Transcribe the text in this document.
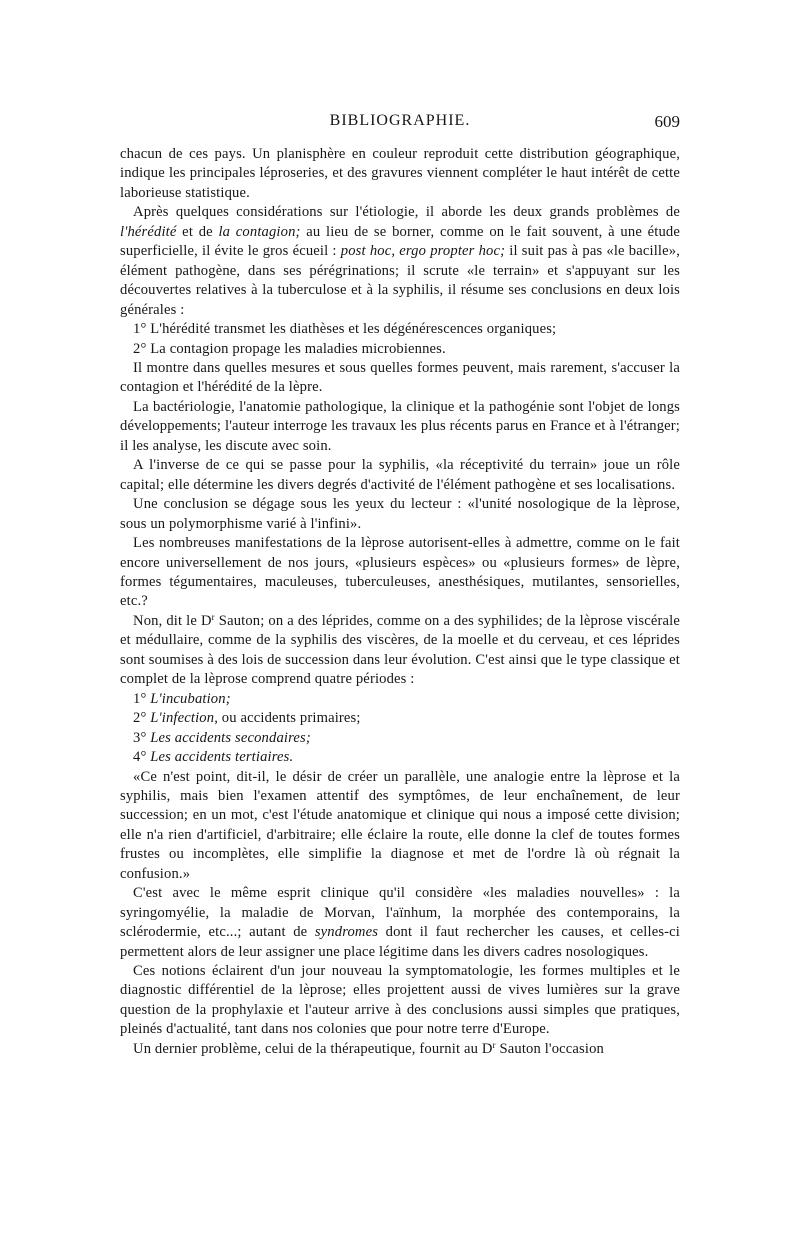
BIBLIOGRAPHIE.	609

chacun de ces pays. Un planisphère en couleur reproduit cette distribution géographique, indique les principales léproseries, et des gravures viennent compléter le haut intérêt de cette laborieuse statistique.

Après quelques considérations sur l'étiologie, il aborde les deux grands problèmes de l'hérédité et de la contagion; au lieu de se borner, comme on le fait souvent, à une étude superficielle, il évite le gros écueil : post hoc, ergo propter hoc; il suit pas à pas «le bacille», élément pathogène, dans ses pérégrinations; il scrute «le terrain» et s'appuyant sur les découvertes relatives à la tuberculose et à la syphilis, il résume ses conclusions en deux lois générales :

1° L'hérédité transmet les diathèses et les dégénérescences organiques;

2° La contagion propage les maladies microbiennes.

Il montre dans quelles mesures et sous quelles formes peuvent, mais rarement, s'accuser la contagion et l'hérédité de la lèpre.

La bactériologie, l'anatomie pathologique, la clinique et la pathogénie sont l'objet de longs développements; l'auteur interroge les travaux les plus récents parus en France et à l'étranger; il les analyse, les discute avec soin.

A l'inverse de ce qui se passe pour la syphilis, «la réceptivité du terrain» joue un rôle capital; elle détermine les divers degrés d'activité de l'élément pathogène et ses localisations.

Une conclusion se dégage sous les yeux du lecteur : «l'unité nosologique de la lèprose, sous un polymorphisme varié à l'infini».

Les nombreuses manifestations de la lèprose autorisent-elles à admettre, comme on le fait encore universellement de nos jours, «plusieurs espèces» ou «plusieurs formes» de lèpre, formes tégumentaires, maculeuses, tuberculeuses, anesthésiques, mutilantes, sensorielles, etc.?

Non, dit le $D^r$ Sauton; on a des léprides, comme on a des syphilides; de la lèprose viscérale et médullaire, comme de la syphilis des viscères, de la moelle et du cerveau, et ces léprides sont soumises à des lois de succession dans leur évolution. C'est ainsi que le type classique et complet de la lèprose comprend quatre périodes :

1° L'incubation;

2° L'infection, ou accidents primaires;

3° Les accidents secondaires;

4° Les accidents tertiaires.

«Ce n'est point, dit-il, le désir de créer un parallèle, une analogie entre la lèprose et la syphilis, mais bien l'examen attentif des symptômes, de leur enchaînement, de leur succession; en un mot, c'est l'étude anatomique et clinique qui nous a imposé cette division; elle n'a rien d'artificiel, d'arbitraire; elle éclaire la route, elle donne la clef de toutes formes frustes ou incomplètes, elle simplifie la diagnose et met de l'ordre là où régnait la confusion.»

C'est avec le même esprit clinique qu'il considère «les maladies nouvelles» : la syringomyélie, la maladie de Morvan, l'aïnhum, la morphée des contemporains, la sclérodermie, etc...; autant de syndromes dont il faut rechercher les causes, et celles-ci permettent alors de leur assigner une place légitime dans les divers cadres nosologiques.

Ces notions éclairent d'un jour nouveau la symptomatologie, les formes multiples et le diagnostic différentiel de la lèprose; elles projettent aussi de vives lumières sur la grave question de la prophylaxie et l'auteur arrive à des conclusions aussi simples que pratiques, pleinés d'actualité, tant dans nos colonies que pour notre terre d'Europe.

Un dernier problème, celui de la thérapeutique, fournit au $D^r$ Sauton l'occasion
